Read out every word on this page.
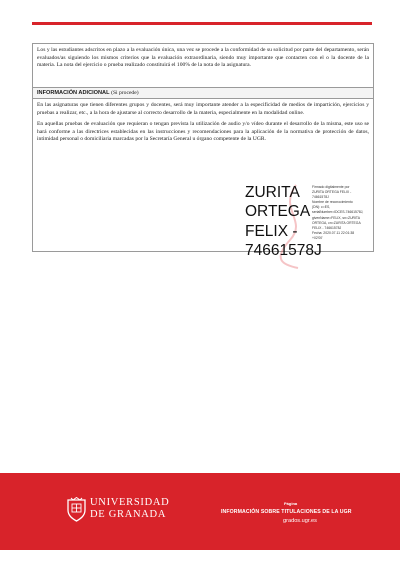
Los y las estudiantes adscritos en plazo a la evaluación única, una vez se procede a la conformidad de su solicitud por parte del departamento, serán evaluados/as siguiendo los mismos criterios que la evaluación extraordinaria, siendo muy importante que contacten con el o la docente de la materia. La nota del ejercicio o prueba realizado constituirá el 100% de la nota de la asignatura.

INFORMACIÓN ADICIONAL (Si procede)

En las asignaturas que tienen diferentes grupos y docentes, será muy importante atender a la especificidad de medios de impartición, ejercicios y pruebas a realizar, etc., a la hora de ajustarse al correcto desarrollo de la materia, especialmente en la modalidad online.

En aquellas pruebas de evaluación que requieran o tengan prevista la utilización de audio y/o vídeo durante el desarrollo de la misma, este uso se hará conforme a las directrices establecidas en las instrucciones y recomendaciones para la aplicación de la normativa de protección de datos, intimidad personal o domiciliaria marcadas por la Secretaría General u órgano competente de la UGR.

ZURITA
ORTEGA
FELIX -
74661578J
Firmado digitalmente por
ZURITA ORTEGA FELIX -
74661578J
Nombre de reconocimiento
(DN): c=ES,
serialNumber=IDCES-74661578J,
givenName=FELIX, sn=ZURITA
ORTEGA, cn=ZURITA ORTEGA
FELIX - 74661578J
Fecha: 2020.07.11 22:01:38
+02'00'
UNIVERSIDAD
DE GRANADA
Página
INFORMACIÓN SOBRE TITULACIONES DE LA UGR
grados.ugr.es
